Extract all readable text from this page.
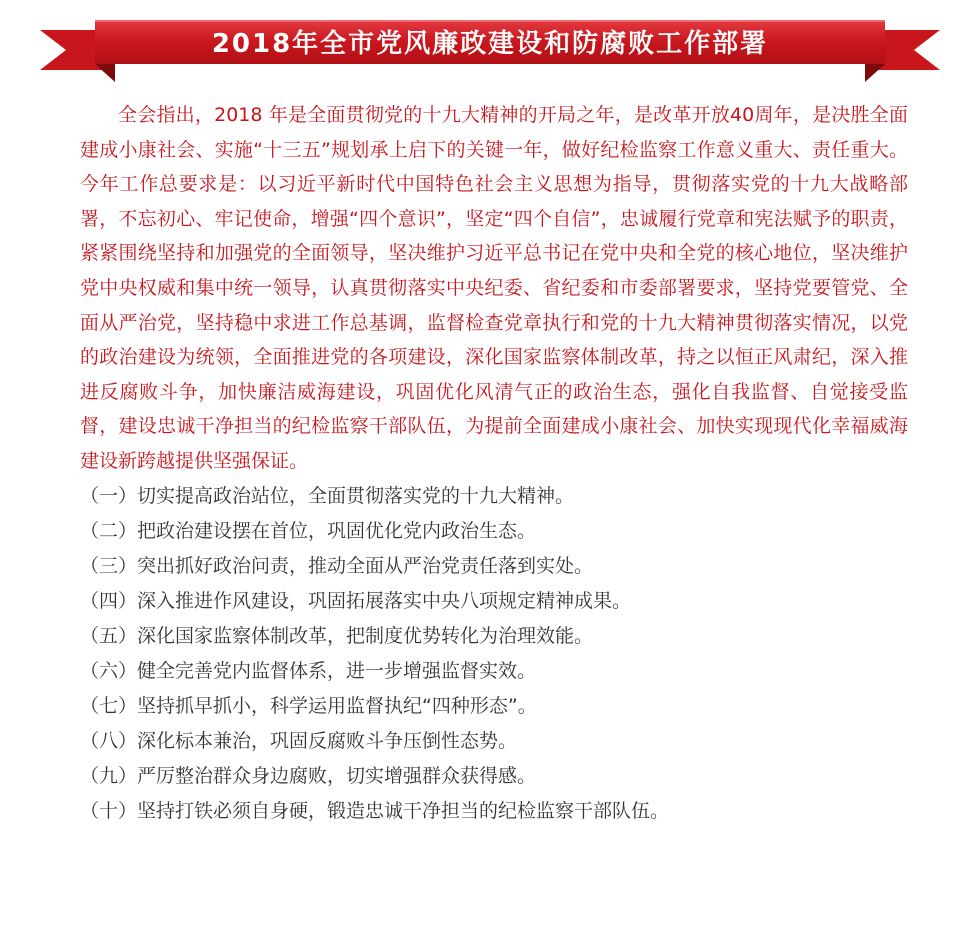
2018年全市党风廉政建设和防腐败工作部署

全会指出，2018 年是全面贯彻党的十九大精神的开局之年，是改革开放40周年，是决胜全面建成小康社会、实施“十三五”规划承上启下的关键一年，做好纪检监察工作意义重大、责任重大。今年工作总要求是：以习近平新时代中国特色社会主义思想为指导，贯彻落实党的十九大战略部署，不忘初心、牢记使命，增强“四个意识”，坚定“四个自信”，忠诚履行党章和宪法赋予的职责，紧紧围绕坚持和加强党的全面领导，坚决维护习近平总书记在党中央和全党的核心地位，坚决维护党中央权威和集中统一领导，认真贯彻落实中央纪委、省纪委和市委部署要求，坚持党要管党、全面从严治党，坚持稳中求进工作总基调，监督检查党章执行和党的十九大精神贯彻落实情况，以党的政治建设为统领，全面推进党的各项建设，深化国家监察体制改革，持之以恒正风肃纪，深入推进反腐败斗争，加快廉洁威海建设，巩固优化风清气正的政治生态，强化自我监督、自觉接受监督，建设忠诚干净担当的纪检监察干部队伍，为提前全面建成小康社会、加快实现现代化幸福威海建设新跨越提供坚强保证。

（一） 切实提高政治站位，全面贯彻落实党的十九大精神。
（二） 把政治建设摆在首位，巩固优化党内政治生态。
（三） 突出抓好政治问责，推动全面从严治党责任落到实处。
（四） 深入推进作风建设，巩固拓展落实中央八项规定精神成果。
（五） 深化国家监察体制改革，把制度优势转化为治理效能。
（六） 健全完善党内监督体系，进一步增强监督实效。
（七） 坚持抓早抓小，科学运用监督执纪“四种形态”。
（八） 深化标本兼治，巩固反腐败斗争压倒性态势。
（九） 严厉整治群众身边腐败，切实增强群众获得感。
（十） 坚持打铁必须自身硬，锻造忠诚干净担当的纪检监察干部队伍。
